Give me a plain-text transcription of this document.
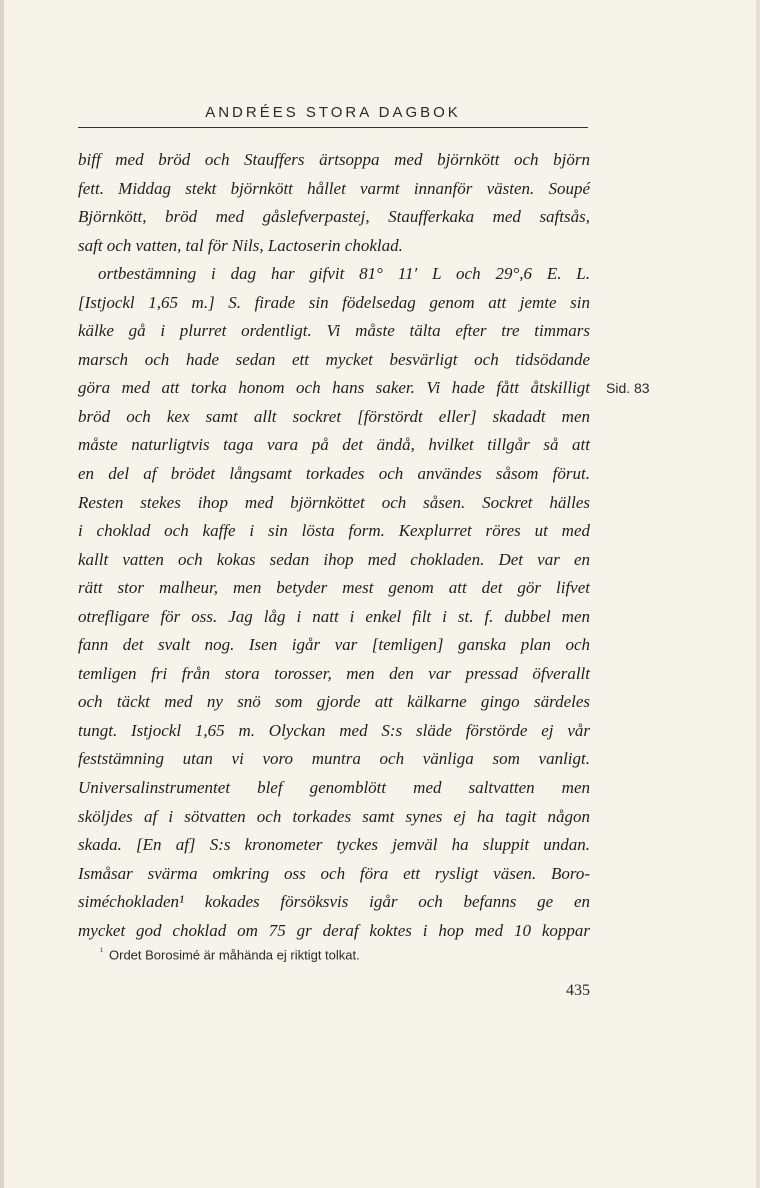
ANDRÉES STORA DAGBOK
biff med bröd och Stauffers ärtsoppa med björnkött och björn
fett. Middag stekt björnkött hållet varmt innanför västen. Soupé
Björnkött, bröd med gåslefverpastej, Staufferkaka med saftsås,
saft och vatten, tal för Nils, Lactoserin choklad.
ortbestämning i dag har gifvit 81° 11′ L och 29°,6 E. L.
[Istjockl 1,65 m.] S. firade sin födelsedag genom att jemte sin
kälke gå i plurret ordentligt. Vi måste tälta efter tre timmars
marsch och hade sedan ett mycket besvärligt och tidsödande
göra med att torka honom och hans saker. Vi hade fått åtskilligt
bröd och kex samt allt sockret [förstördt eller] skadadt men
måste naturligtvis taga vara på det ändå, hvilket tillgår så att
en del af brödet långsamt torkades och användes såsom förut.
Resten stekes ihop med björnköttet och såsen. Sockret hälles
i choklad och kaffe i sin lösta form. Kexplurret röres ut med
kallt vatten och kokas sedan ihop med chokladen. Det var en
rätt stor malheur, men betyder mest genom att det gör lifvet
otrefligare för oss. Jag låg i natt i enkel filt i st. f. dubbel men
fann det svalt nog. Isen igår var [temligen] ganska plan och
temligen fri från stora torosser, men den var pressad öfverallt
och täckt med ny snö som gjorde att kälkarne gingo särdeles
tungt. Istjockl 1,65 m. Olyckan med S:s släde förstörde ej vår
feststämning utan vi voro muntra och vänliga som vanligt.
Universalinstrumentet blef genomblött med saltvatten men
sköljdes af i sötvatten och torkades samt synes ej ha tagit någon
skada. [En af] S:s kronometer tyckes jemväl ha sluppit undan.
Ismåsar svärma omkring oss och föra ett rysligt väsen. Boro-
siméchokladen¹ kokades försöksvis igår och befanns ge en
mycket god choklad om 75 gr deraf koktes i hop med 10 koppar
Sid. 83
$^{^1}$ Ordet Borosimé är måhända ej riktigt tolkat.
435
